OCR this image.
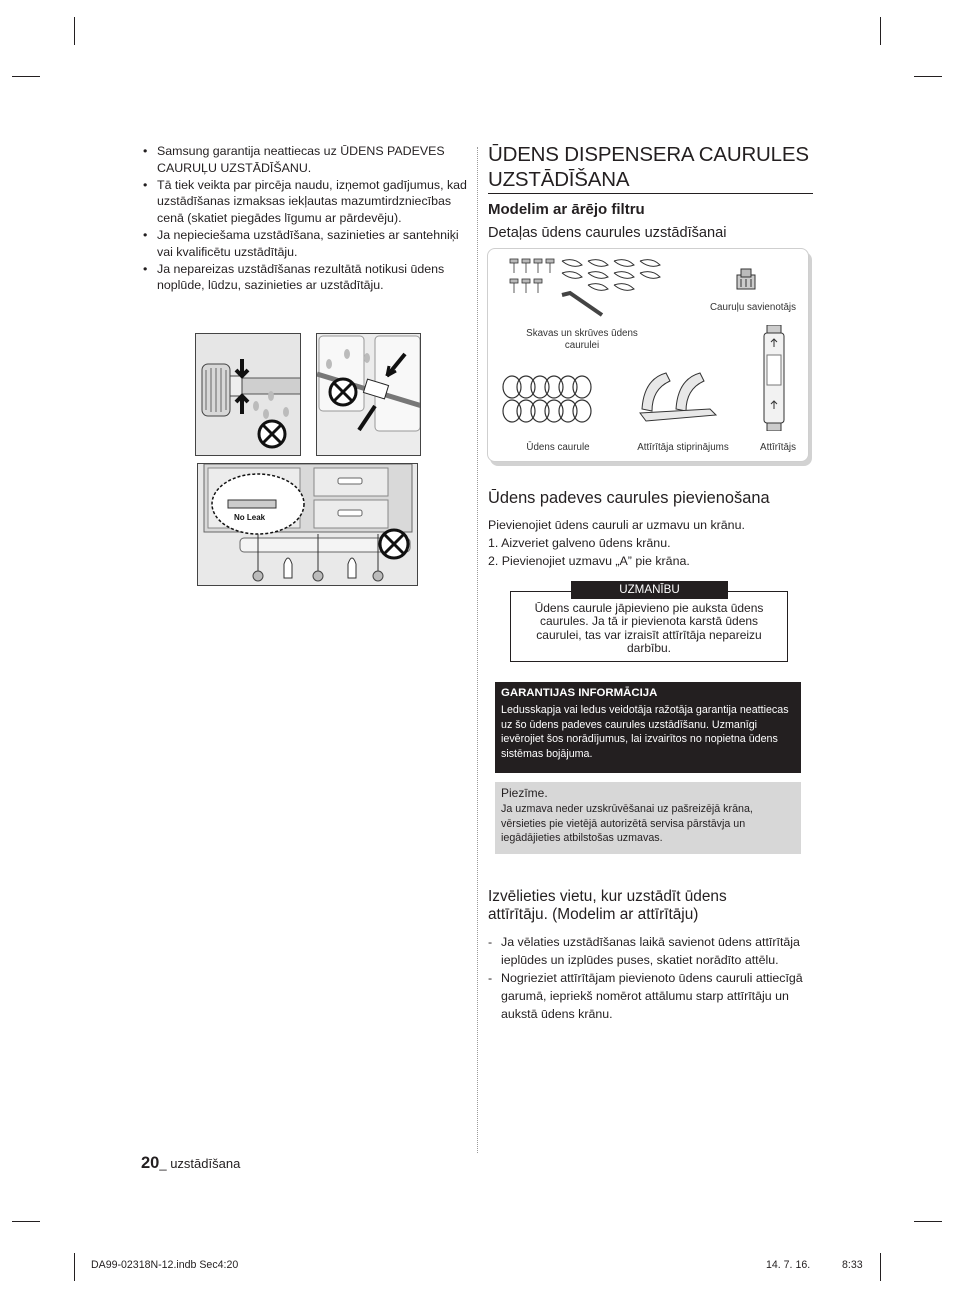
• Samsung garantija neattiecas uz ŪDENS PADEVES CAURUĻU UZSTĀDĪŠANU.
• Tā tiek veikta par pircēja naudu, izņemot gadījumus, kad uzstādīšanas izmaksas iekļautas mazumtirdzniecības cenā (skatiet piegādes līgumu ar pārdevēju).
• Ja nepieciešama uzstādīšana, sazinieties ar santehniķi vai kvalificētu uzstādītāju.
• Ja nepareizas uzstādīšanas rezultātā notikusi ūdens noplūde, lūdzu, sazinieties ar uzstādītāju.
No Leak
ŪDENS DISPENSERA CAURULES UZSTĀDĪŠANA
Modelim ar ārējo filtru
Detaļas ūdens caurules uzstādīšanai
Skavas un skrūves ūdens caurulei
Cauruļu savienotājs
Ūdens caurule	Attīrītāja stiprinājums	Attīrītājs
Ūdens padeves caurules pievienošana
Pievienojiet ūdens cauruli ar uzmavu un krānu.
1. Aizveriet galveno ūdens krānu.
2. Pievienojiet uzmavu „A” pie krāna.
UZMANĪBU
Ūdens caurule jāpievieno pie auksta ūdens caurules. Ja tā ir pievienota karstā ūdens caurulei, tas var izraisīt attīrītāja nepareizu darbību.
GARANTIJAS INFORMĀCIJA
Ledusskapja vai ledus veidotāja ražotāja garantija neattiecas uz šo ūdens padeves caurules uzstādīšanu. Uzmanīgi ievērojiet šos norādījumus, lai izvairītos no nopietna ūdens sistēmas bojājuma.
Piezīme.
Ja uzmava neder uzskrūvēšanai uz pašreizējā krāna, vērsieties pie vietējā autorizētā servisa pārstāvja un iegādājieties atbilstošas uzmavas.
Izvēlieties vietu, kur uzstādīt ūdens attīrītāju. (Modelim ar attīrītāju)
- Ja vēlaties uzstādīšanas laikā savienot ūdens attīrītāja ieplūdes un izplūdes puses, skatiet norādīto attēlu.
- Nogrieziet attīrītājam pievienoto ūdens cauruli attiecīgā garumā, iepriekš nomērot attālumu starp attīrītāju un aukstā ūdens krānu.
20_ uzstādīšana
DA99-02318N-12.indb Sec4:20	14. 7. 16.	8:33
